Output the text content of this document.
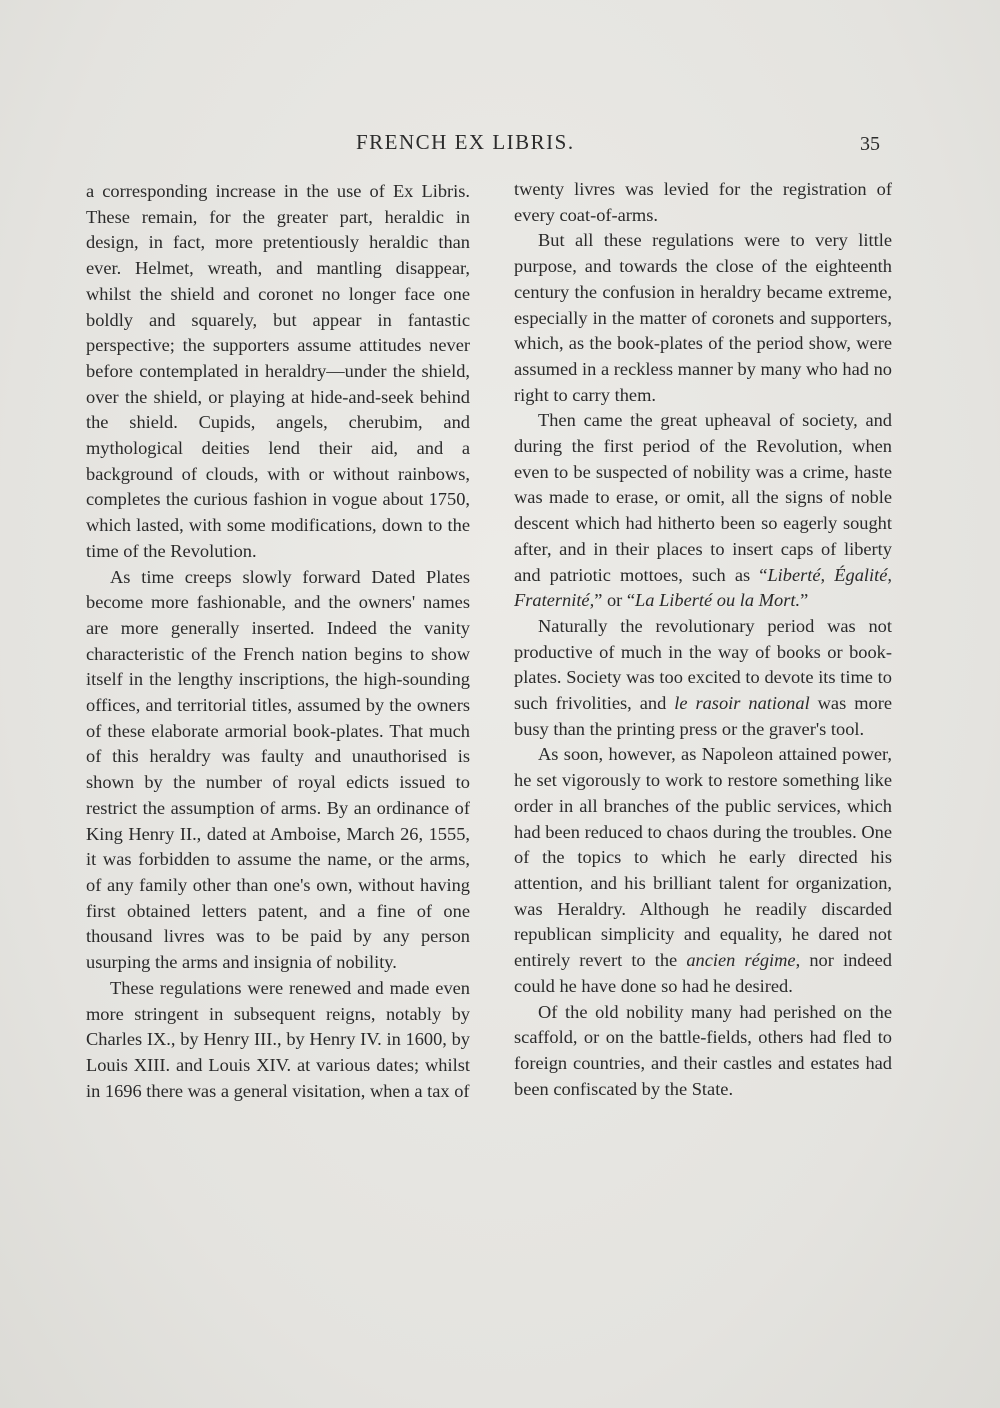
FRENCH EX LIBRIS.	35

a corresponding increase in the use of Ex Libris. These remain, for the greater part, heraldic in design, in fact, more pretentiously heraldic than ever. Helmet, wreath, and mantling disappear, whilst the shield and coronet no longer face one boldly and squarely, but appear in fantastic perspective; the supporters assume attitudes never before contemplated in heraldry—under the shield, over the shield, or playing at hide-and-seek behind the shield. Cupids, angels, cherubim, and mythological deities lend their aid, and a background of clouds, with or without rainbows, completes the curious fashion in vogue about 1750, which lasted, with some modifications, down to the time of the Revolution.

As time creeps slowly forward Dated Plates become more fashionable, and the owners' names are more generally inserted. Indeed the vanity characteristic of the French nation begins to show itself in the lengthy inscriptions, the high-sounding offices, and territorial titles, assumed by the owners of these elaborate armorial book-plates. That much of this heraldry was faulty and unauthorised is shown by the number of royal edicts issued to restrict the assumption of arms. By an ordinance of King Henry II., dated at Amboise, March 26, 1555, it was forbidden to assume the name, or the arms, of any family other than one's own, without having first obtained letters patent, and a fine of one thousand livres was to be paid by any person usurping the arms and insignia of nobility.

These regulations were renewed and made even more stringent in subsequent reigns, notably by Charles IX., by Henry III., by Henry IV. in 1600, by Louis XIII. and Louis XIV. at various dates; whilst in 1696 there was a general visitation, when a tax of

twenty livres was levied for the registration of every coat-of-arms.

But all these regulations were to very little purpose, and towards the close of the eighteenth century the confusion in heraldry became extreme, especially in the matter of coronets and supporters, which, as the book-plates of the period show, were assumed in a reckless manner by many who had no right to carry them.

Then came the great upheaval of society, and during the first period of the Revolution, when even to be suspected of nobility was a crime, haste was made to erase, or omit, all the signs of noble descent which had hitherto been so eagerly sought after, and in their places to insert caps of liberty and patriotic mottoes, such as “Liberté, Égalité, Fraternité,” or “La Liberté ou la Mort.”

Naturally the revolutionary period was not productive of much in the way of books or book-plates. Society was too excited to devote its time to such frivolities, and le rasoir national was more busy than the printing press or the graver's tool.

As soon, however, as Napoleon attained power, he set vigorously to work to restore something like order in all branches of the public services, which had been reduced to chaos during the troubles. One of the topics to which he early directed his attention, and his brilliant talent for organization, was Heraldry. Although he readily discarded republican simplicity and equality, he dared not entirely revert to the ancien régime, nor indeed could he have done so had he desired.

Of the old nobility many had perished on the scaffold, or on the battle-fields, others had fled to foreign countries, and their castles and estates had been confiscated by the State.
